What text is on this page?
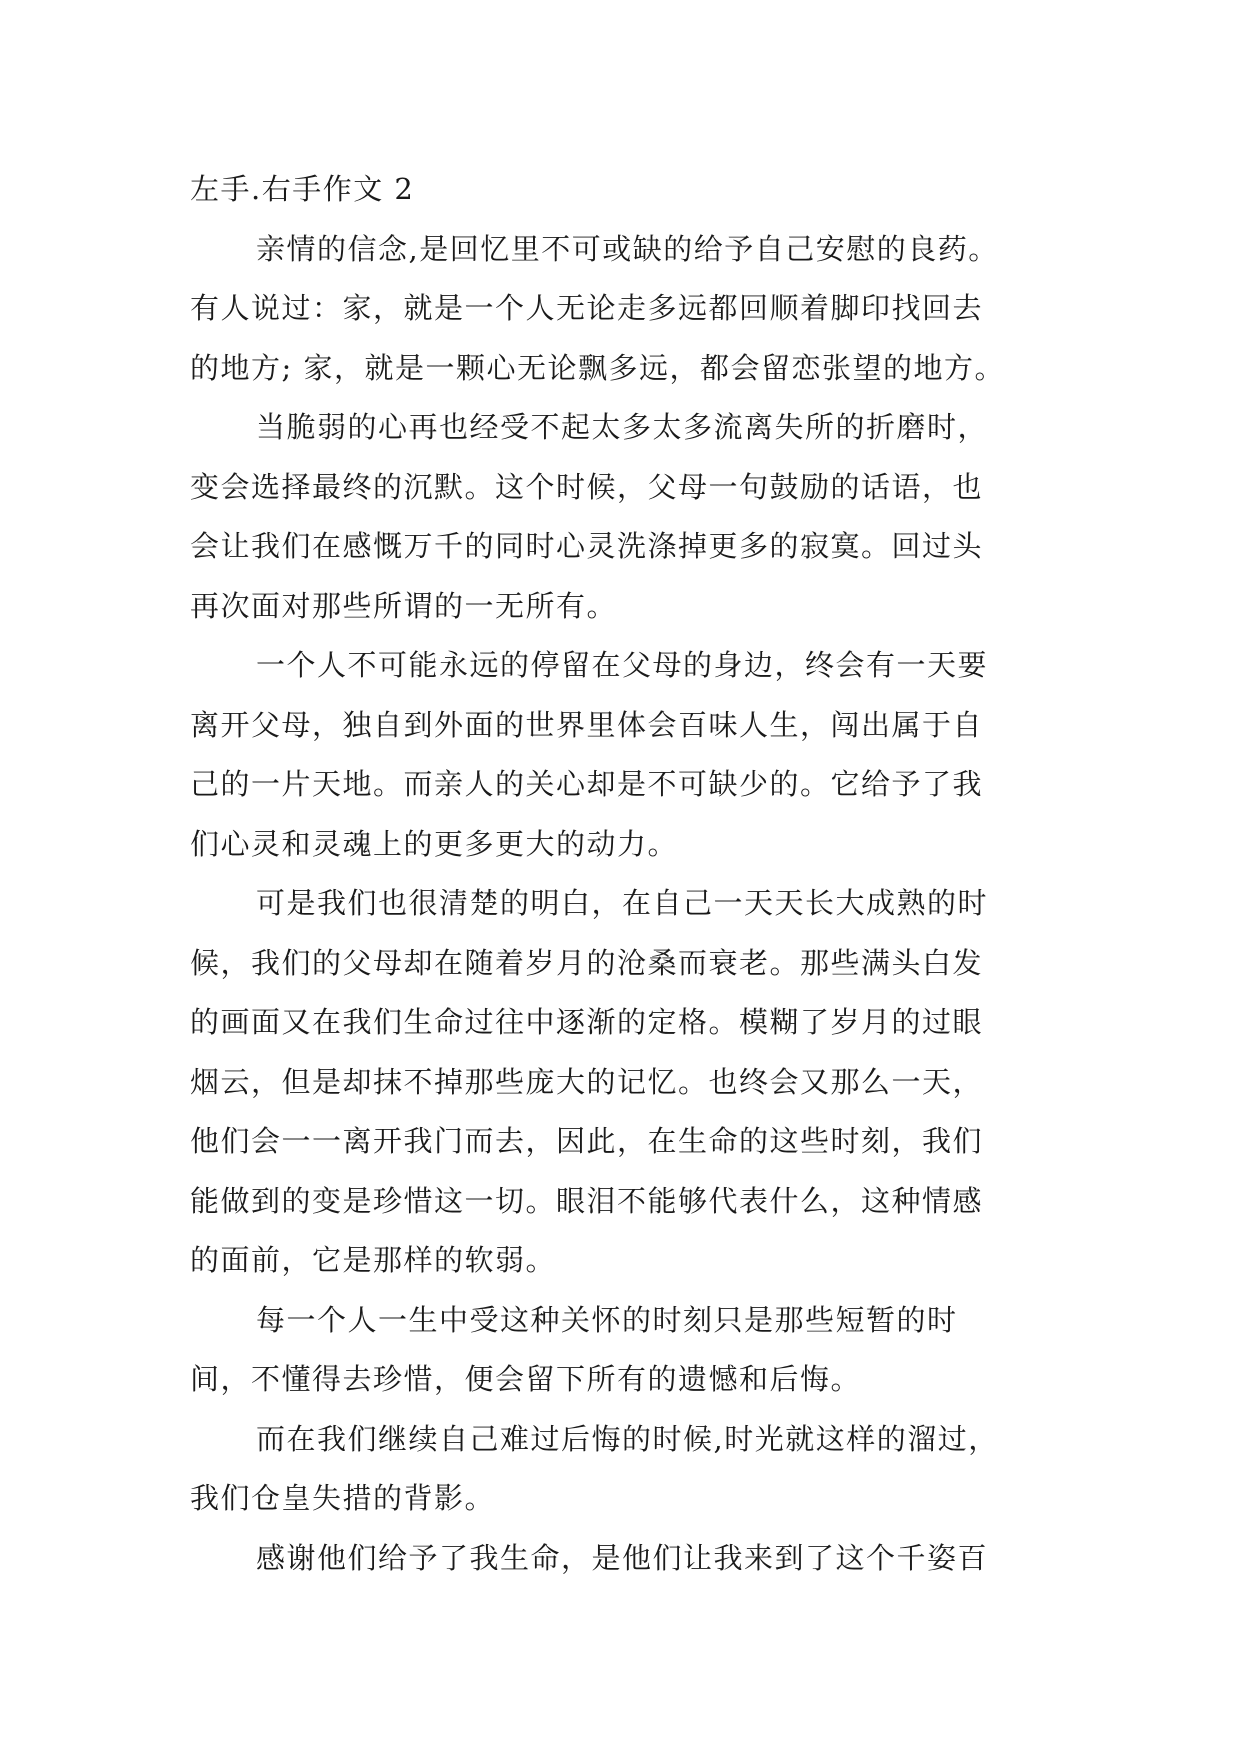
左手.右手作文 2
亲情的信念,是回忆里不可或缺的给予自己安慰的良药。
有人说过：家，就是一个人无论走多远都回顺着脚印找回去
的地方; 家，就是一颗心无论飘多远，都会留恋张望的地方。
当脆弱的心再也经受不起太多太多流离失所的折磨时，
变会选择最终的沉默。这个时候，父母一句鼓励的话语，也
会让我们在感慨万千的同时心灵洗涤掉更多的寂寞。回过头
再次面对那些所谓的一无所有。
一个人不可能永远的停留在父母的身边，终会有一天要
离开父母，独自到外面的世界里体会百味人生，闯出属于自
己的一片天地。而亲人的关心却是不可缺少的。它给予了我
们心灵和灵魂上的更多更大的动力。
可是我们也很清楚的明白，在自己一天天长大成熟的时
候，我们的父母却在随着岁月的沧桑而衰老。那些满头白发
的画面又在我们生命过往中逐渐的定格。模糊了岁月的过眼
烟云，但是却抹不掉那些庞大的记忆。也终会又那么一天，
他们会一一离开我门而去，因此，在生命的这些时刻，我们
能做到的变是珍惜这一切。眼泪不能够代表什么，这种情感
的面前，它是那样的软弱。
每一个人一生中受这种关怀的时刻只是那些短暂的时
间，不懂得去珍惜，便会留下所有的遗憾和后悔。
而在我们继续自己难过后悔的时候,时光就这样的溜过，
我们仓皇失措的背影。
感谢他们给予了我生命，是他们让我来到了这个千姿百
